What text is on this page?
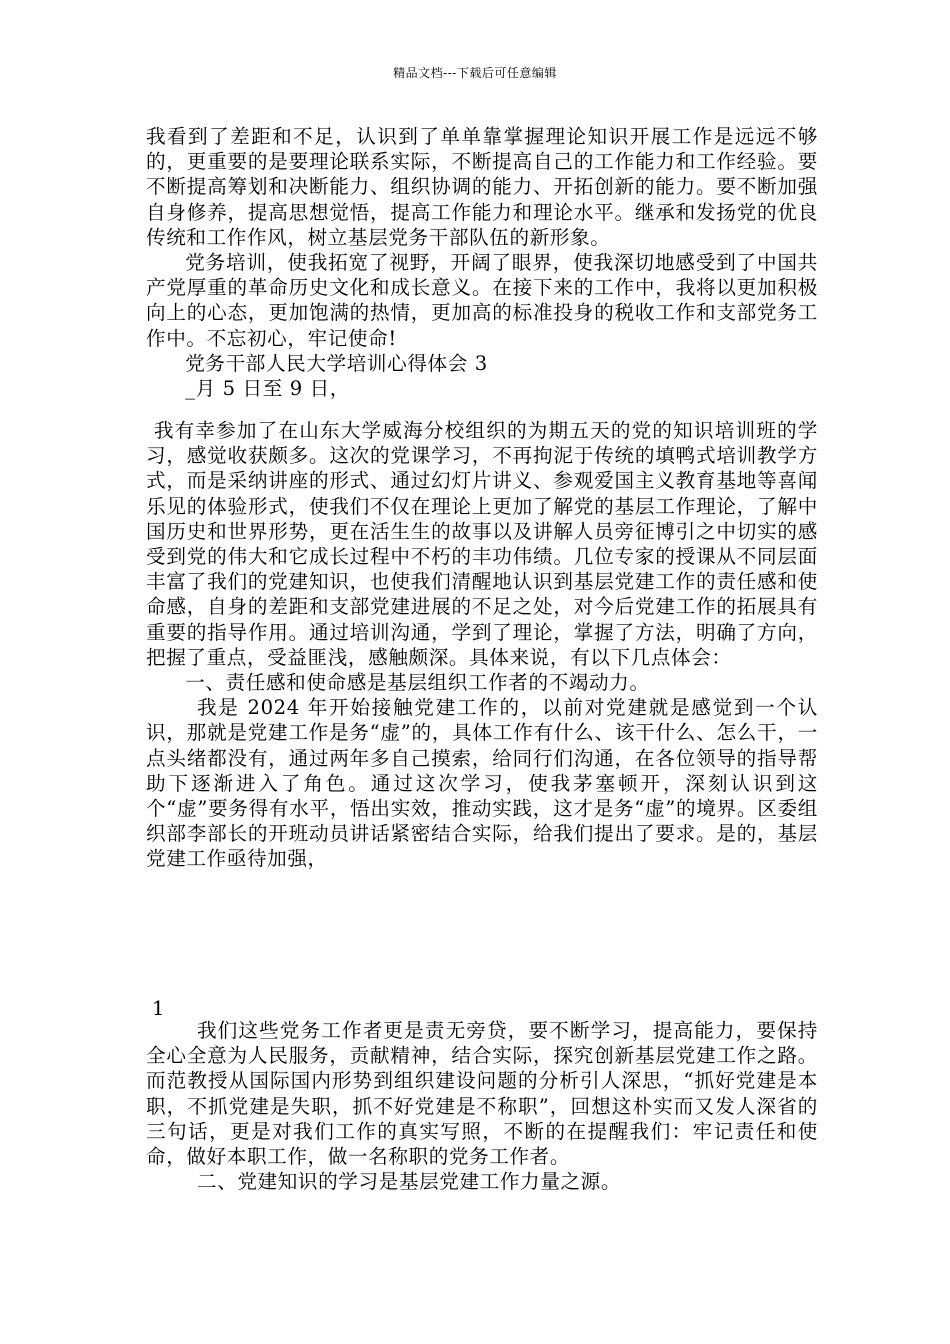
精品文档---下载后可任意编辑

我看到了差距和不足，认识到了单单靠掌握理论知识开展工作是远远不够的，更重要的是要理论联系实际，不断提高自己的工作能力和工作经验。要不断提高筹划和决断能力、组织协调的能力、开拓创新的能力。要不断加强自身修养，提高思想觉悟，提高工作能力和理论水平。继承和发扬党的优良传统和工作作风，树立基层党务干部队伍的新形象。

党务培训，使我拓宽了视野，开阔了眼界，使我深切地感受到了中国共产党厚重的革命历史文化和成长意义。在接下来的工作中，我将以更加积极向上的心态，更加饱满的热情，更加高的标准投身的税收工作和支部党务工作中。不忘初心，牢记使命!

党务干部人民大学培训心得体会 3

_月 5 日至 9 日，

我有幸参加了在山东大学威海分校组织的为期五天的党的知识培训班的学习，感觉收获颇多。这次的党课学习，不再拘泥于传统的填鸭式培训教学方式，而是采纳讲座的形式、通过幻灯片讲义、参观爱国主义教育基地等喜闻乐见的体验形式，使我们不仅在理论上更加了解党的基层工作理论，了解中国历史和世界形势，更在活生生的故事以及讲解人员旁征博引之中切实的感受到党的伟大和它成长过程中不朽的丰功伟绩。几位专家的授课从不同层面丰富了我们的党建知识，也使我们清醒地认识到基层党建工作的责任感和使命感，自身的差距和支部党建进展的不足之处，对今后党建工作的拓展具有重要的指导作用。通过培训沟通，学到了理论，掌握了方法，明确了方向，把握了重点，受益匪浅，感触颇深。具体来说，有以下几点体会：

一、责任感和使命感是基层组织工作者的不竭动力。

我是 2024 年开始接触党建工作的，以前对党建就是感觉到一个认识，那就是党建工作是务“虚”的，具体工作有什么、该干什么、怎么干，一点头绪都没有，通过两年多自己摸索，给同行们沟通，在各位领导的指导帮助下逐渐进入了角色。通过这次学习，使我茅塞顿开，深刻认识到这个“虚”要务得有水平，悟出实效，推动实践，这才是务“虚”的境界。区委组织部李部长的开班动员讲话紧密结合实际，给我们提出了要求。是的，基层党建工作亟待加强，

1

我们这些党务工作者更是责无旁贷，要不断学习，提高能力，要保持全心全意为人民服务，贡献精神，结合实际，探究创新基层党建工作之路。而范教授从国际国内形势到组织建设问题的分析引人深思，“抓好党建是本职，不抓党建是失职，抓不好党建是不称职”，回想这朴实而又发人深省的三句话，更是对我们工作的真实写照，不断的在提醒我们：牢记责任和使命，做好本职工作，做一名称职的党务工作者。

二、党建知识的学习是基层党建工作力量之源。
